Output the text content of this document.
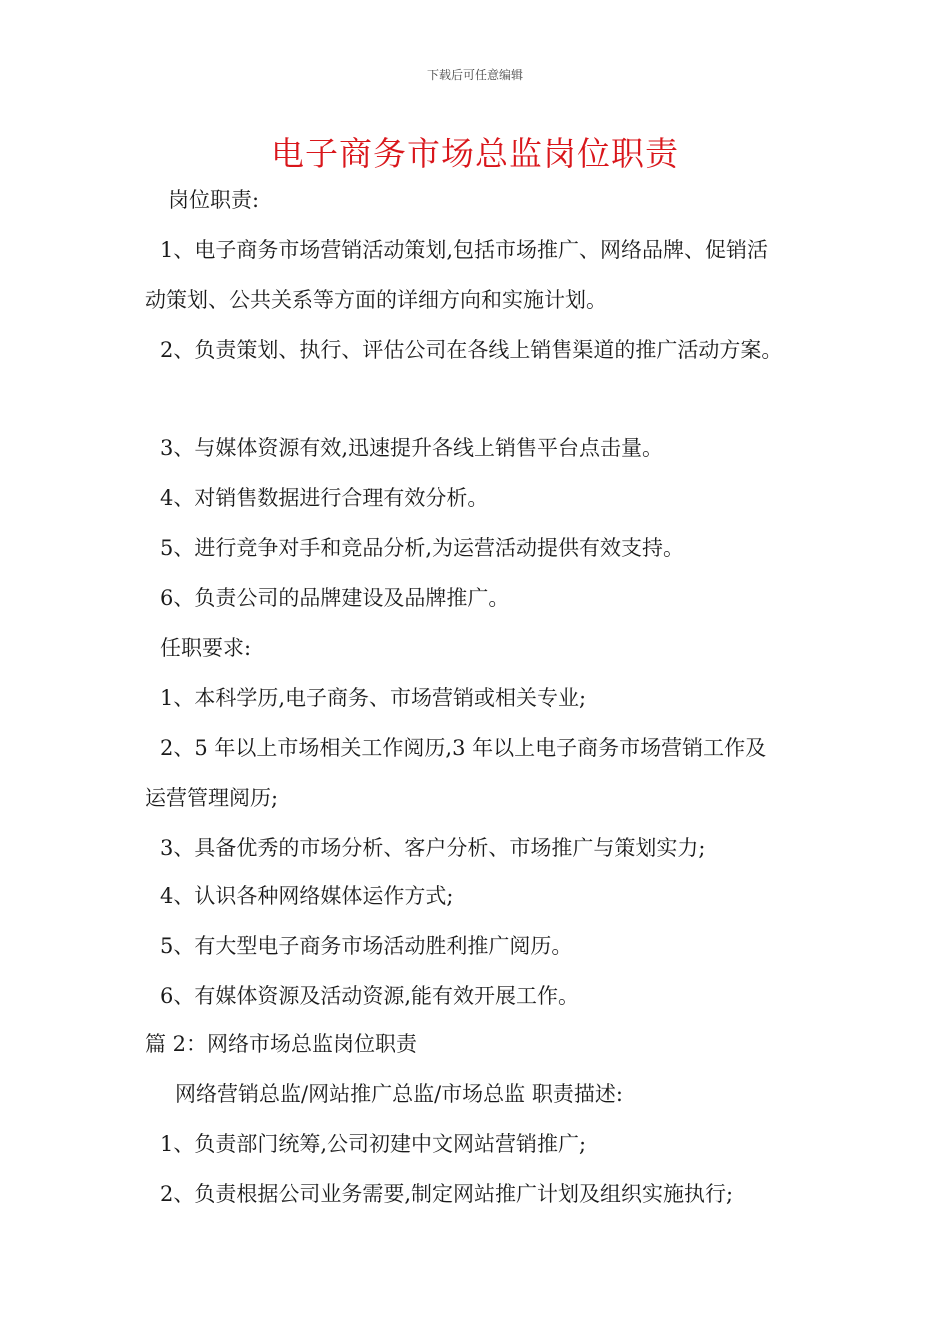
下载后可任意编辑
电子商务市场总监岗位职责
岗位职责:
1、电子商务市场营销活动策划,包括市场推广、网络品牌、促销活
动策划、公共关系等方面的详细方向和实施计划。
2、负责策划、执行、评估公司在各线上销售渠道的推广活动方案。
3、与媒体资源有效,迅速提升各线上销售平台点击量。
4、对销售数据进行合理有效分析。
5、进行竞争对手和竞品分析,为运营活动提供有效支持。
6、负责公司的品牌建设及品牌推广。
任职要求:
1、本科学历,电子商务、市场营销或相关专业;
2、5 年以上市场相关工作阅历,3 年以上电子商务市场营销工作及
运营管理阅历;
3、具备优秀的市场分析、客户分析、市场推广与策划实力;
4、认识各种网络媒体运作方式;
5、有大型电子商务市场活动胜利推广阅历。
6、有媒体资源及活动资源,能有效开展工作。
篇 2：网络市场总监岗位职责
网络营销总监/网站推广总监/市场总监 职责描述:
1、负责部门统筹,公司初建中文网站营销推广;
2、负责根据公司业务需要,制定网站推广计划及组织实施执行;
